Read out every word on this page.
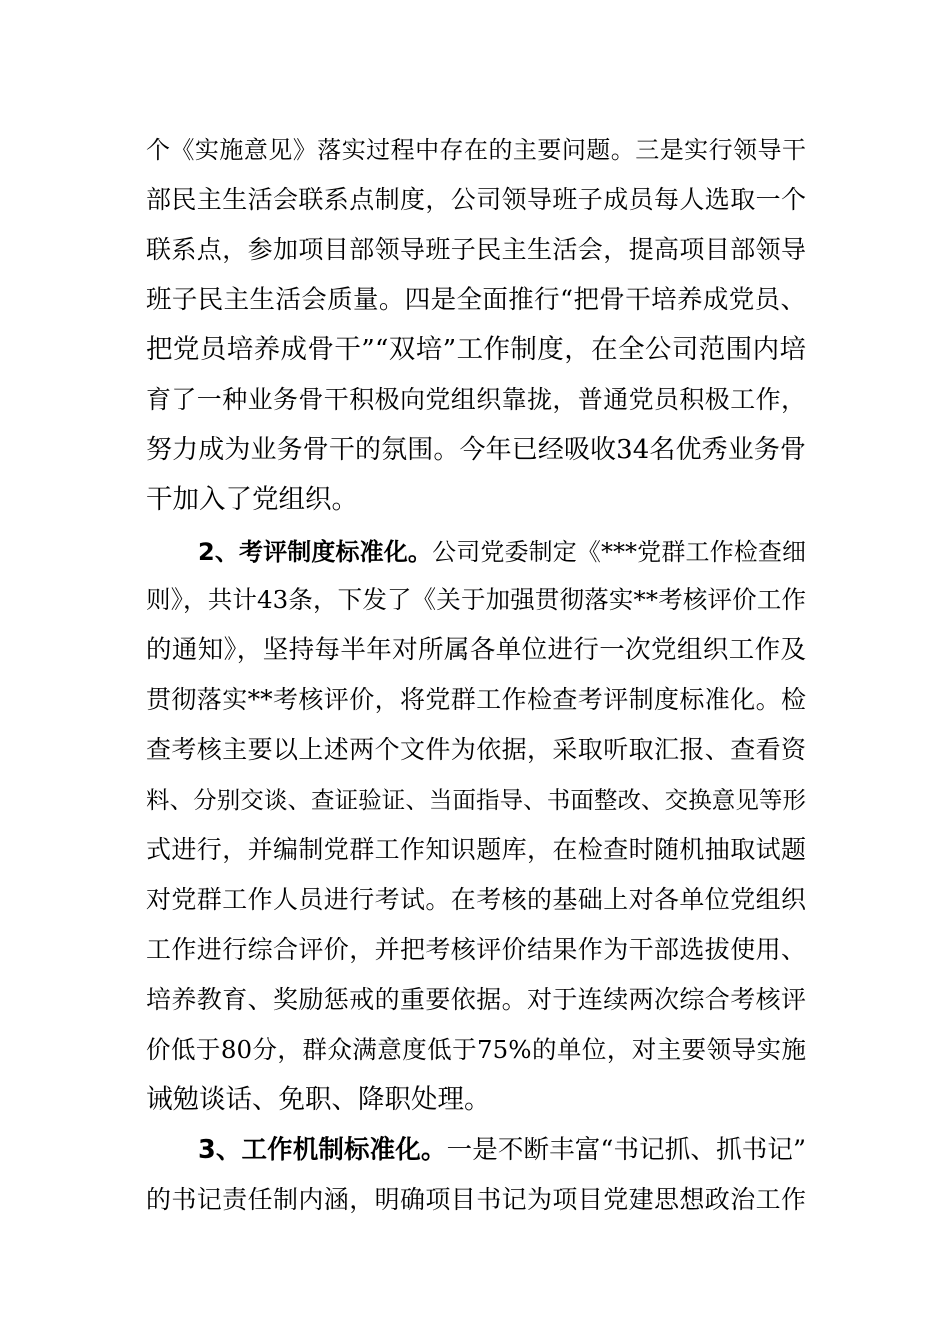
个《实施意见》落实过程中存在的主要问题。三是实行领导干
部民主生活会联系点制度，公司领导班子成员每人选取一个
联系点，参加项目部领导班子民主生活会，提高项目部领导
班子民主生活会质量。四是全面推行“把骨干培养成党员、
把党员培养成骨干”“双培”工作制度，在全公司范围内培
育了一种业务骨干积极向党组织靠拢，普通党员积极工作，
努力成为业务骨干的氛围。今年已经吸收34名优秀业务骨
干加入了党组织。
2、考评制度标准化。公司党委制定《***党群工作检查细
则》，共计43条，下发了《关于加强贯彻落实**考核评价工作
的通知》，坚持每半年对所属各单位进行一次党组织工作及
贯彻落实**考核评价，将党群工作检查考评制度标准化。检
查考核主要以上述两个文件为依据，采取听取汇报、查看资
料、分别交谈、查证验证、当面指导、书面整改、交换意见等形
式进行，并编制党群工作知识题库，在检查时随机抽取试题
对党群工作人员进行考试。在考核的基础上对各单位党组织
工作进行综合评价，并把考核评价结果作为干部选拔使用、
培养教育、奖励惩戒的重要依据。对于连续两次综合考核评
价低于80分，群众满意度低于75%的单位，对主要领导实施
诫勉谈话、免职、降职处理。
3、工作机制标准化。一是不断丰富“书记抓、抓书记”
的书记责任制内涵，明确项目书记为项目党建思想政治工作
